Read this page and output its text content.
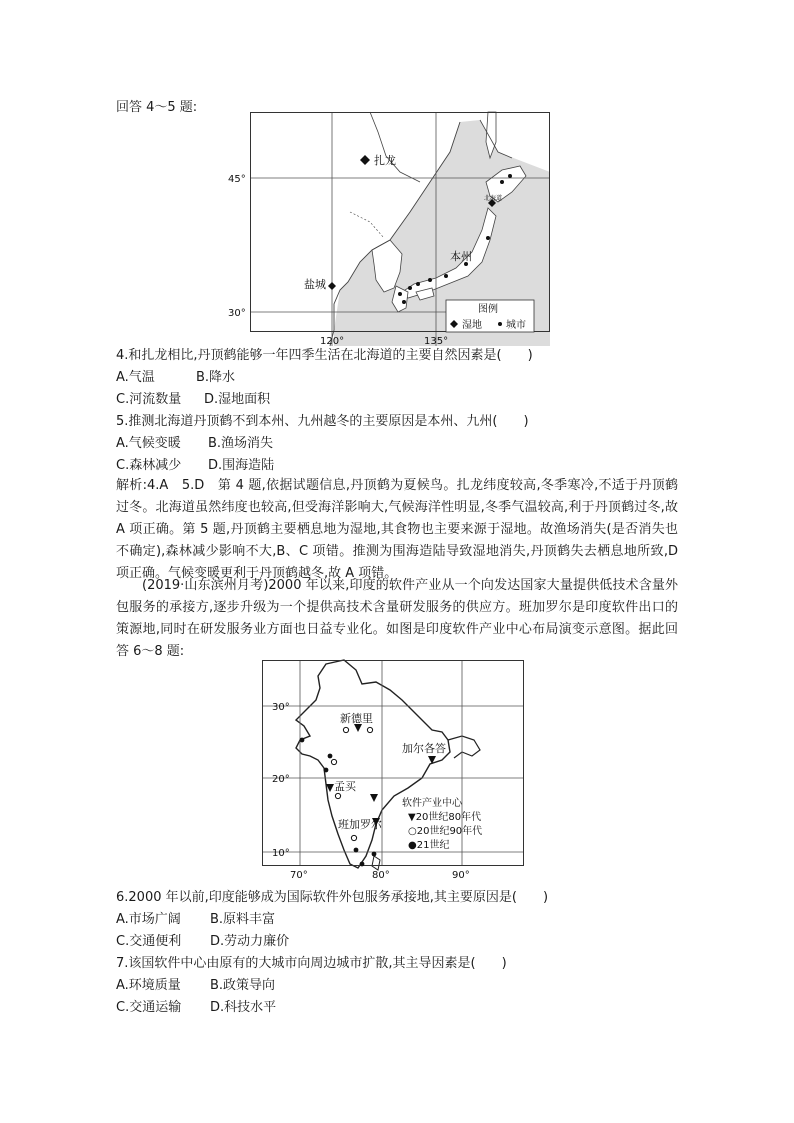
回答 4～5 题:
扎龙
盐城
本州
北海道
图例
湿地 城市
45°
30°
120°	135°
4.和扎龙相比,丹顶鹤能够一年四季生活在北海道的主要自然因素是(　　)
A.气温	B.降水
C.河流数量 D.湿地面积
5.推测北海道丹顶鹤不到本州、九州越冬的主要原因是本州、九州(　　)
A.气候变暖 B.渔场消失
C.森林减少 D.围海造陆
解析:4.A　5.D　第 4 题,依据试题信息,丹顶鹤为夏候鸟。扎龙纬度较高,冬季寒冷,不适于丹顶鹤过冬。北海道虽然纬度也较高,但受海洋影响大,气候海洋性明显,冬季气温较高,利于丹顶鹤过冬,故 A 项正确。第 5 题,丹顶鹤主要栖息地为湿地,其食物也主要来源于湿地。故渔场消失(是否消失也不确定),森林减少影响不大,B、C 项错。推测为围海造陆导致湿地消失,丹顶鹤失去栖息地所致,D 项正确。气候变暖更利于丹顶鹤越冬,故 A 项错。
(2019·山东滨州月考)2000 年以来,印度的软件产业从一个向发达国家大量提供低技术含量外包服务的承接方,逐步升级为一个提供高技术含量研发服务的供应方。班加罗尔是印度软件出口的策源地,同时在研发服务业方面也日益专业化。如图是印度软件产业中心布局演变示意图。据此回答 6～8 题:
新德里
加尔各答
孟买
班加罗尔
软件产业中心
▼20世纪80年代
○20世纪90年代
●21世纪
30°
20°
10°
70°	80°	90°
6.2000 年以前,印度能够成为国际软件外包服务承接地,其主要原因是(　　)
A.市场广阔 B.原料丰富
C.交通便利 D.劳动力廉价
7.该国软件中心由原有的大城市向周边城市扩散,其主导因素是(　　)
A.环境质量 B.政策导向
C.交通运输 D.科技水平
